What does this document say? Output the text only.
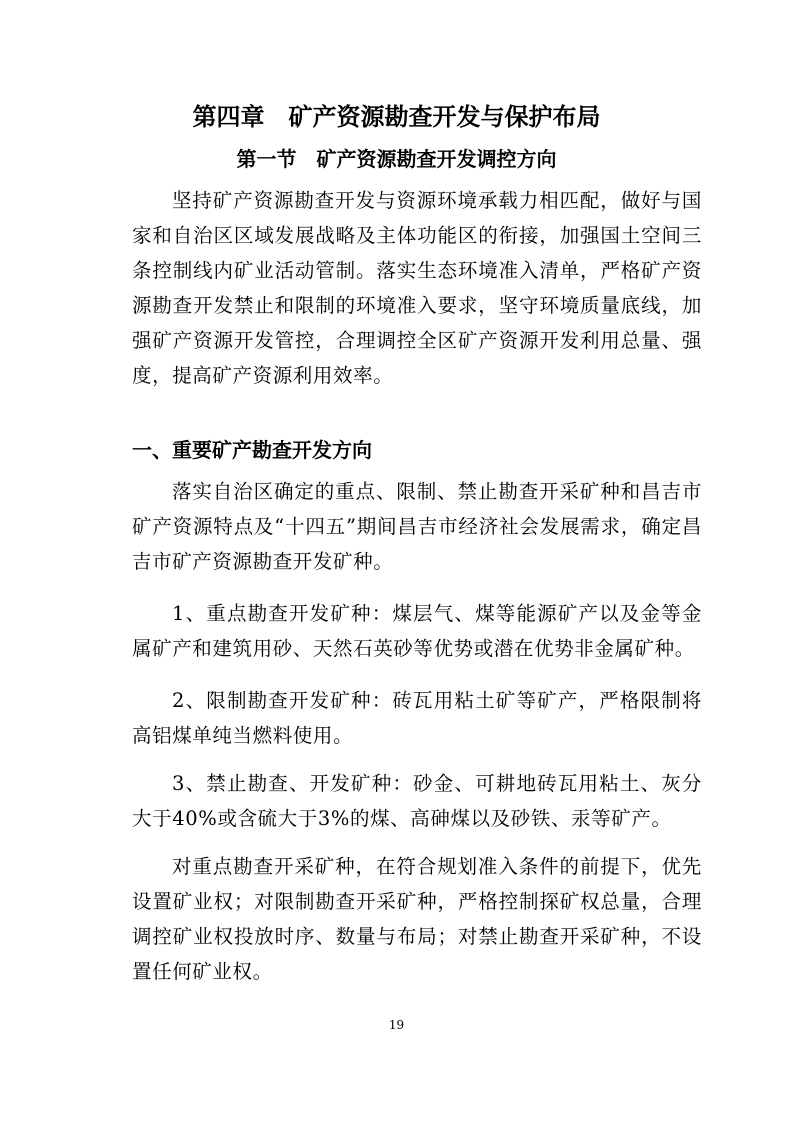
第四章　矿产资源勘查开发与保护布局
第一节　矿产资源勘查开发调控方向

坚持矿产资源勘查开发与资源环境承载力相匹配，做好与国家和自治区区域发展战略及主体功能区的衔接，加强国土空间三条控制线内矿业活动管制。落实生态环境准入清单，严格矿产资源勘查开发禁止和限制的环境准入要求，坚守环境质量底线，加强矿产资源开发管控，合理调控全区矿产资源开发利用总量、强度，提高矿产资源利用效率。

一、重要矿产勘查开发方向

落实自治区确定的重点、限制、禁止勘查开采矿种和昌吉市矿产资源特点及“十四五”期间昌吉市经济社会发展需求，确定昌吉市矿产资源勘查开发矿种。

1、重点勘查开发矿种：煤层气、煤等能源矿产以及金等金属矿产和建筑用砂、天然石英砂等优势或潜在优势非金属矿种。

2、限制勘查开发矿种：砖瓦用粘土矿等矿产，严格限制将高铝煤单纯当燃料使用。

3、禁止勘查、开发矿种：砂金、可耕地砖瓦用粘土、灰分大于40%或含硫大于3%的煤、高砷煤以及砂铁、汞等矿产。

对重点勘查开采矿种，在符合规划准入条件的前提下，优先设置矿业权；对限制勘查开采矿种，严格控制探矿权总量，合理调控矿业权投放时序、数量与布局；对禁止勘查开采矿种，不设置任何矿业权。

19
